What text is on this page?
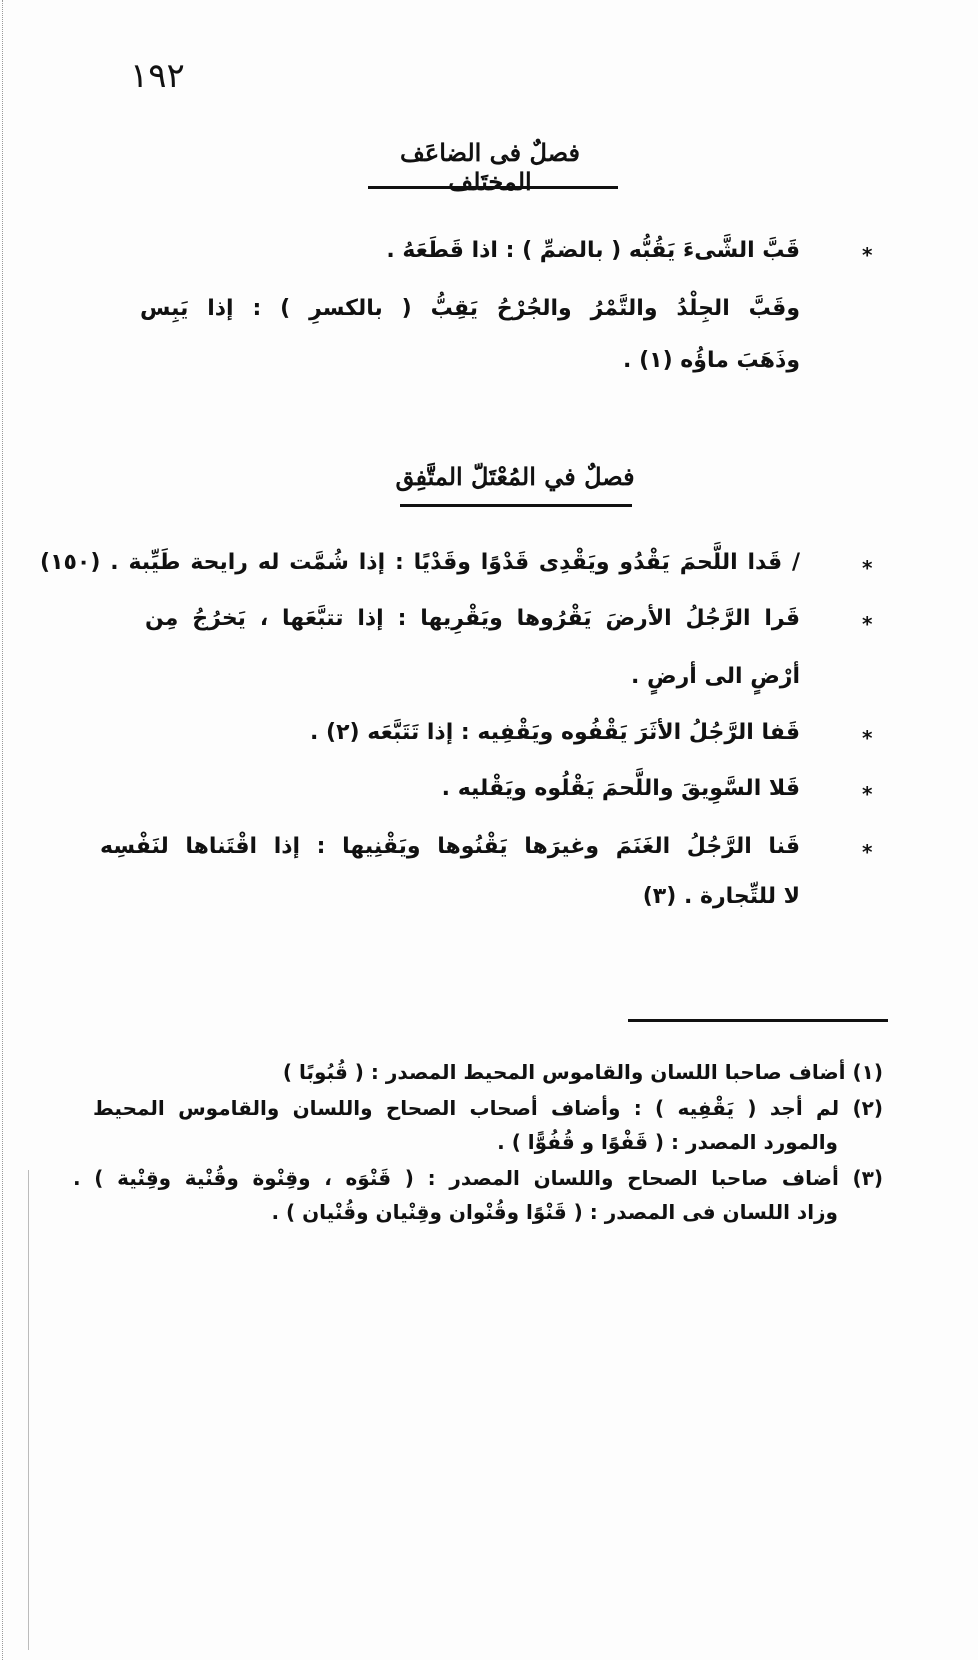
١٩٢
فصلٌ فى الضاعَف المختَلف
*
قَبَّ الشَّىءَ يَقُبُّه ( بالضمِّ ) : اذا قَطَعَهُ .
وقَبَّ الجِلْدُ والتَّمْرُ والجُرْحُ يَقِبُّ ( بالكسرِ ) : إذا يَبِس
وذَهَبَ ماؤُه (١) .
فصلٌ في المُعْتَلّ المتَّفِق
*
/ قَدا اللَّحمَ يَقْدُو ويَقْدِى قَدْوًا وقَدْيًا : إذا شُمَّت له رايحة طَيِّبة . (١٥٠)
*
قَرا الرَّجُلُ الأرضَ يَقْرُوها ويَقْرِيها : إذا تتبَّعَها ، يَخرُجُ مِن
أرْضٍ الى أرضٍ .
*
قَفا الرَّجُلُ الأثَرَ يَقْفُوه ويَقْفِيه : إذا تَتَبَّعَه (٢) .
*
قَلا السَّوِيقَ واللَّحمَ يَقْلُوه ويَقْليه .
*
قَنا الرَّجُلُ الغَنَمَ وغيرَها يَقْنُوها ويَقْنِيها : إذا اقْتَناها لنَفْسِه
لا للتِّجارة . (٣)
(١) أضاف صاحبا اللسان والقاموس المحيط المصدر : ( قُبُوبًا )
(٢) لم أجد ( يَقْفِيه ) : وأضاف أصحاب الصحاح واللسان والقاموس المحيط
والمورد المصدر : ( قَفْوًا و قُفُوًّا ) .
(٣) أضاف صاحبا الصحاح واللسان المصدر : ( قَنْوَه ، وقِنْوة وقُنْية وقِنْية ) .
وزاد اللسان فى المصدر : ( قَنْوًا وقُنْوان وقِنْيان وقُنْيان ) .
